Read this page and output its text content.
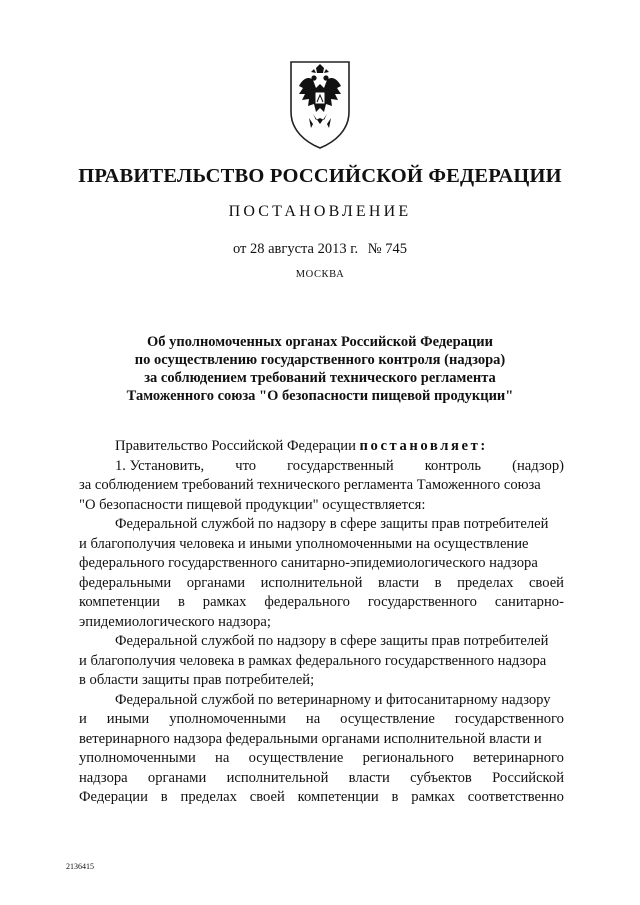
ПРАВИТЕЛЬСТВО РОССИЙСКОЙ ФЕДЕРАЦИИ
ПОСТАНОВЛЕНИЕ
от 28 августа 2013 г. № 745
МОСКВА
Об уполномоченных органах Российской Федерации
по осуществлению государственного контроля (надзора)
за соблюдением требований технического регламента
Таможенного союза "О безопасности пищевой продукции"
Правительство Российской Федерации постановляет:
1. Установить, что государственный контроль (надзор)
за соблюдением требований технического регламента Таможенного союза
"О безопасности пищевой продукции" осуществляется:
Федеральной службой по надзору в сфере защиты прав потребителей
и благополучия человека и иными уполномоченными на осуществление
федерального государственного санитарно-эпидемиологического надзора
федеральными органами исполнительной власти в пределах своей
компетенции в рамках федерального государственного санитарно-
эпидемиологического надзора;
Федеральной службой по надзору в сфере защиты прав потребителей
и благополучия человека в рамках федерального государственного надзора
в области защиты прав потребителей;
Федеральной службой по ветеринарному и фитосанитарному надзору
и иными уполномоченными на осуществление государственного
ветеринарного надзора федеральными органами исполнительной власти и
уполномоченными на осуществление регионального ветеринарного
надзора органами исполнительной власти субъектов Российской
Федерации в пределах своей компетенции в рамках соответственно
2136415
